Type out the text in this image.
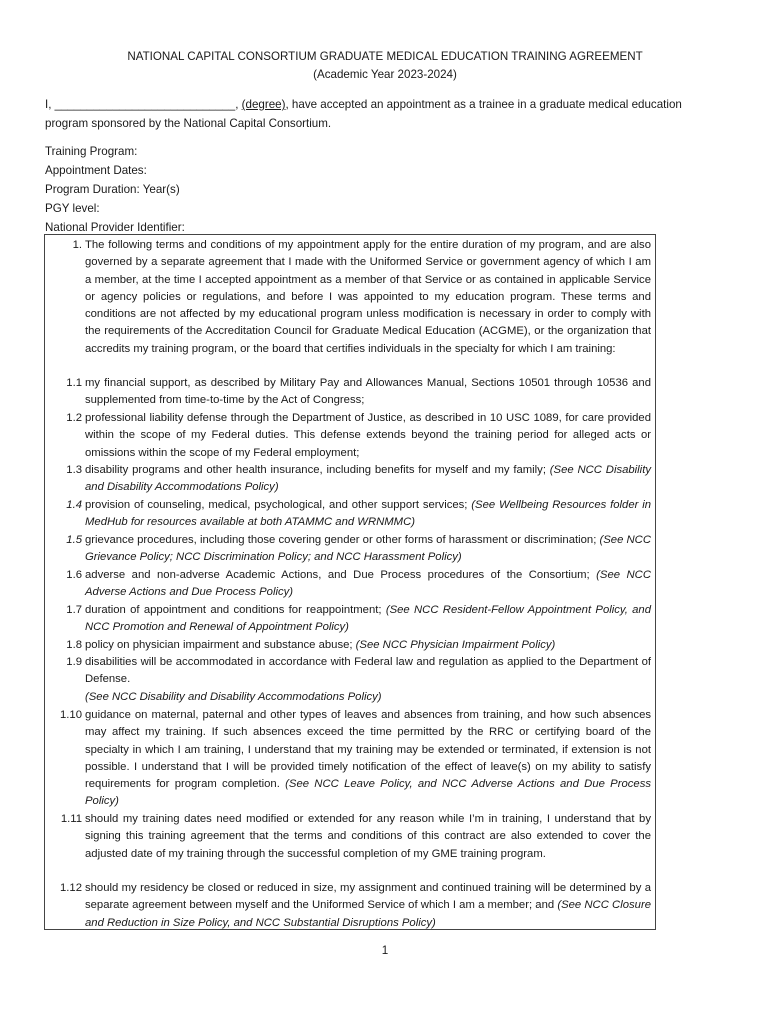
NATIONAL CAPITAL CONSORTIUM GRADUATE MEDICAL EDUCATION TRAINING AGREEMENT
(Academic Year 2023-2024)
I, ____________________________, (degree), have accepted an appointment as a trainee in a graduate medical education program sponsored by the National Capital Consortium.
Training Program:
Appointment Dates:
Program Duration: Year(s)
PGY level:
National Provider Identifier:
1. The following terms and conditions of my appointment apply for the entire duration of my program, and are also governed by a separate agreement that I made with the Uniformed Service or government agency of which I am a member, at the time I accepted appointment as a member of that Service or as contained in applicable Service or agency policies or regulations, and before I was appointed to my education program. These terms and conditions are not affected by my educational program unless modification is necessary in order to comply with the requirements of the Accreditation Council for Graduate Medical Education (ACGME), or the organization that accredits my training program, or the board that certifies individuals in the specialty for which I am training:
1.1 my financial support, as described by Military Pay and Allowances Manual, Sections 10501 through 10536 and supplemented from time-to-time by the Act of Congress;
1.2 professional liability defense through the Department of Justice, as described in 10 USC 1089, for care provided within the scope of my Federal duties. This defense extends beyond the training period for alleged acts or omissions within the scope of my Federal employment;
1.3 disability programs and other health insurance, including benefits for myself and my family; (See NCC Disability and Disability Accommodations Policy)
1.4 provision of counseling, medical, psychological, and other support services; (See Wellbeing Resources folder in MedHub for resources available at both ATAMMC and WRNMMC)
1.5 grievance procedures, including those covering gender or other forms of harassment or discrimination; (See NCC Grievance Policy; NCC Discrimination Policy; and NCC Harassment Policy)
1.6 adverse and non-adverse Academic Actions, and Due Process procedures of the Consortium; (See NCC Adverse Actions and Due Process Policy)
1.7 duration of appointment and conditions for reappointment; (See NCC Resident-Fellow Appointment Policy, and NCC Promotion and Renewal of Appointment Policy)
1.8 policy on physician impairment and substance abuse; (See NCC Physician Impairment Policy)
1.9 disabilities will be accommodated in accordance with Federal law and regulation as applied to the Department of Defense.
(See NCC Disability and Disability Accommodations Policy)
1.10 guidance on maternal, paternal and other types of leaves and absences from training, and how such absences may affect my training. If such absences exceed the time permitted by the RRC or certifying board of the specialty in which I am training, I understand that my training may be extended or terminated, if extension is not possible. I understand that I will be provided timely notification of the effect of leave(s) on my ability to satisfy requirements for program completion. (See NCC Leave Policy, and NCC Adverse Actions and Due Process Policy)
1.11 should my training dates need modified or extended for any reason while I’m in training, I understand that by signing this training agreement that the terms and conditions of this contract are also extended to cover the adjusted date of my training through the successful completion of my GME training program.
1.12 should my residency be closed or reduced in size, my assignment and continued training will be determined by a separate agreement between myself and the Uniformed Service of which I am a member; and (See NCC Closure and Reduction in Size Policy, and NCC Substantial Disruptions Policy)
1
